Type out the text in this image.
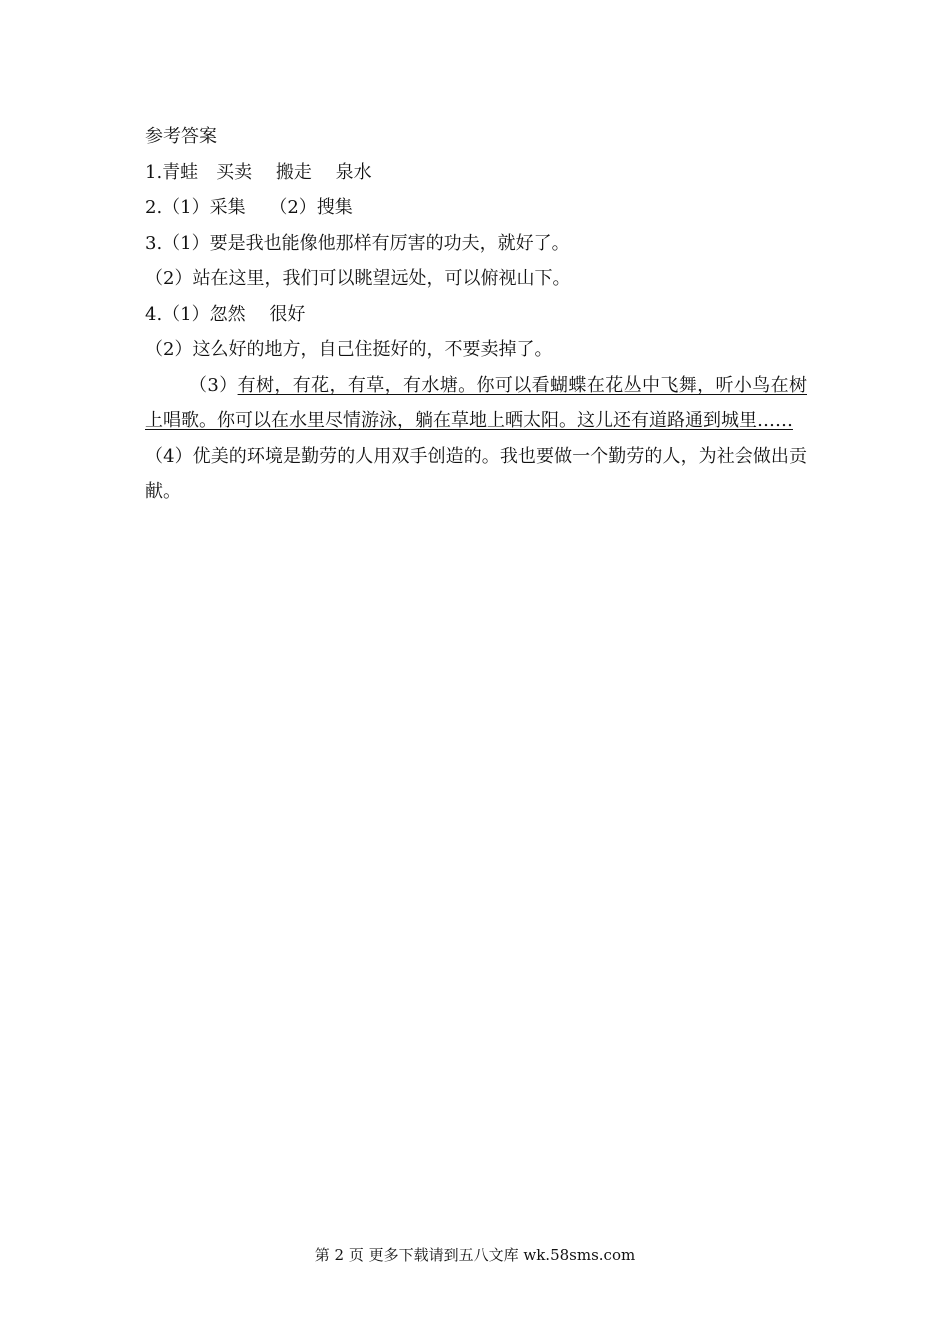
参考答案
1.青蛙　买卖　 搬走　 泉水
2.（1）采集　 （2）搜集
3.（1）要是我也能像他那样有厉害的功夫，就好了。
（2）站在这里，我们可以眺望远处，可以俯视山下。
4.（1）忽然　 很好
（2）这么好的地方，自己住挺好的，不要卖掉了。
（3）有树，有花，有草，有水塘。你可以看蝴蝶在花丛中飞舞，听小鸟在树上唱歌。你可以在水里尽情游泳，躺在草地上晒太阳。这儿还有道路通到城里……
（4）优美的环境是勤劳的人用双手创造的。我也要做一个勤劳的人，为社会做出贡献。
第 2 页 更多下载请到五八文库 wk.58sms.com
